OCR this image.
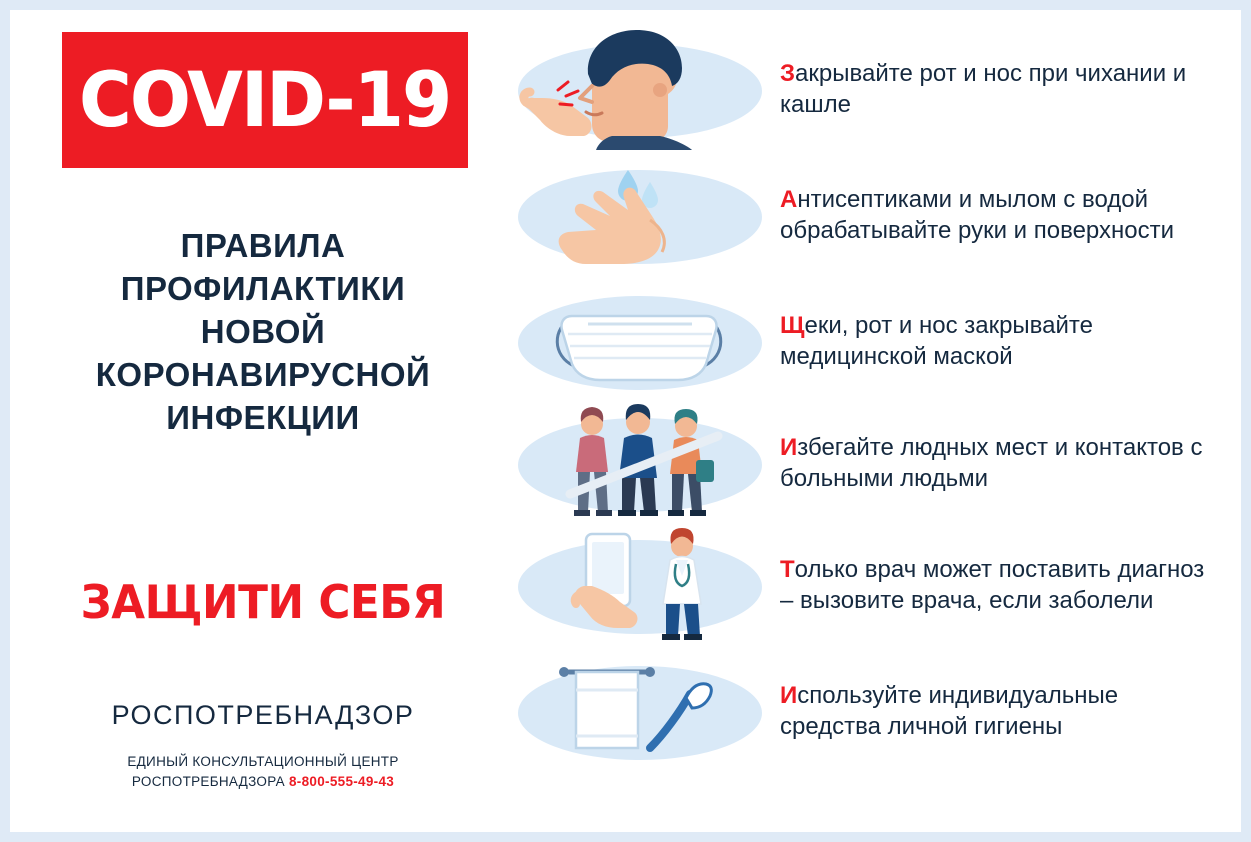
COVID-19
ПРАВИЛА
ПРОФИЛАКТИКИ
НОВОЙ
КОРОНАВИРУСНОЙ
ИНФЕКЦИИ
ЗАЩИТИ СЕБЯ
РОСПОТРЕБНАДЗОР
ЕДИНЫЙ КОНСУЛЬТАЦИОННЫЙ ЦЕНТР
РОСПОТРЕБНАДЗОРА 8-800-555-49-43
Закрывайте рот и нос при чихании и кашле
Антисептиками и мылом с водой обрабатывайте руки и поверхности
Щеки, рот и нос закрывайте медицинской маской
Избегайте людных мест и контактов с больными людьми
Только врач может поставить диагноз – вызовите врача, если заболели
Используйте индивидуальные средства личной гигиены
